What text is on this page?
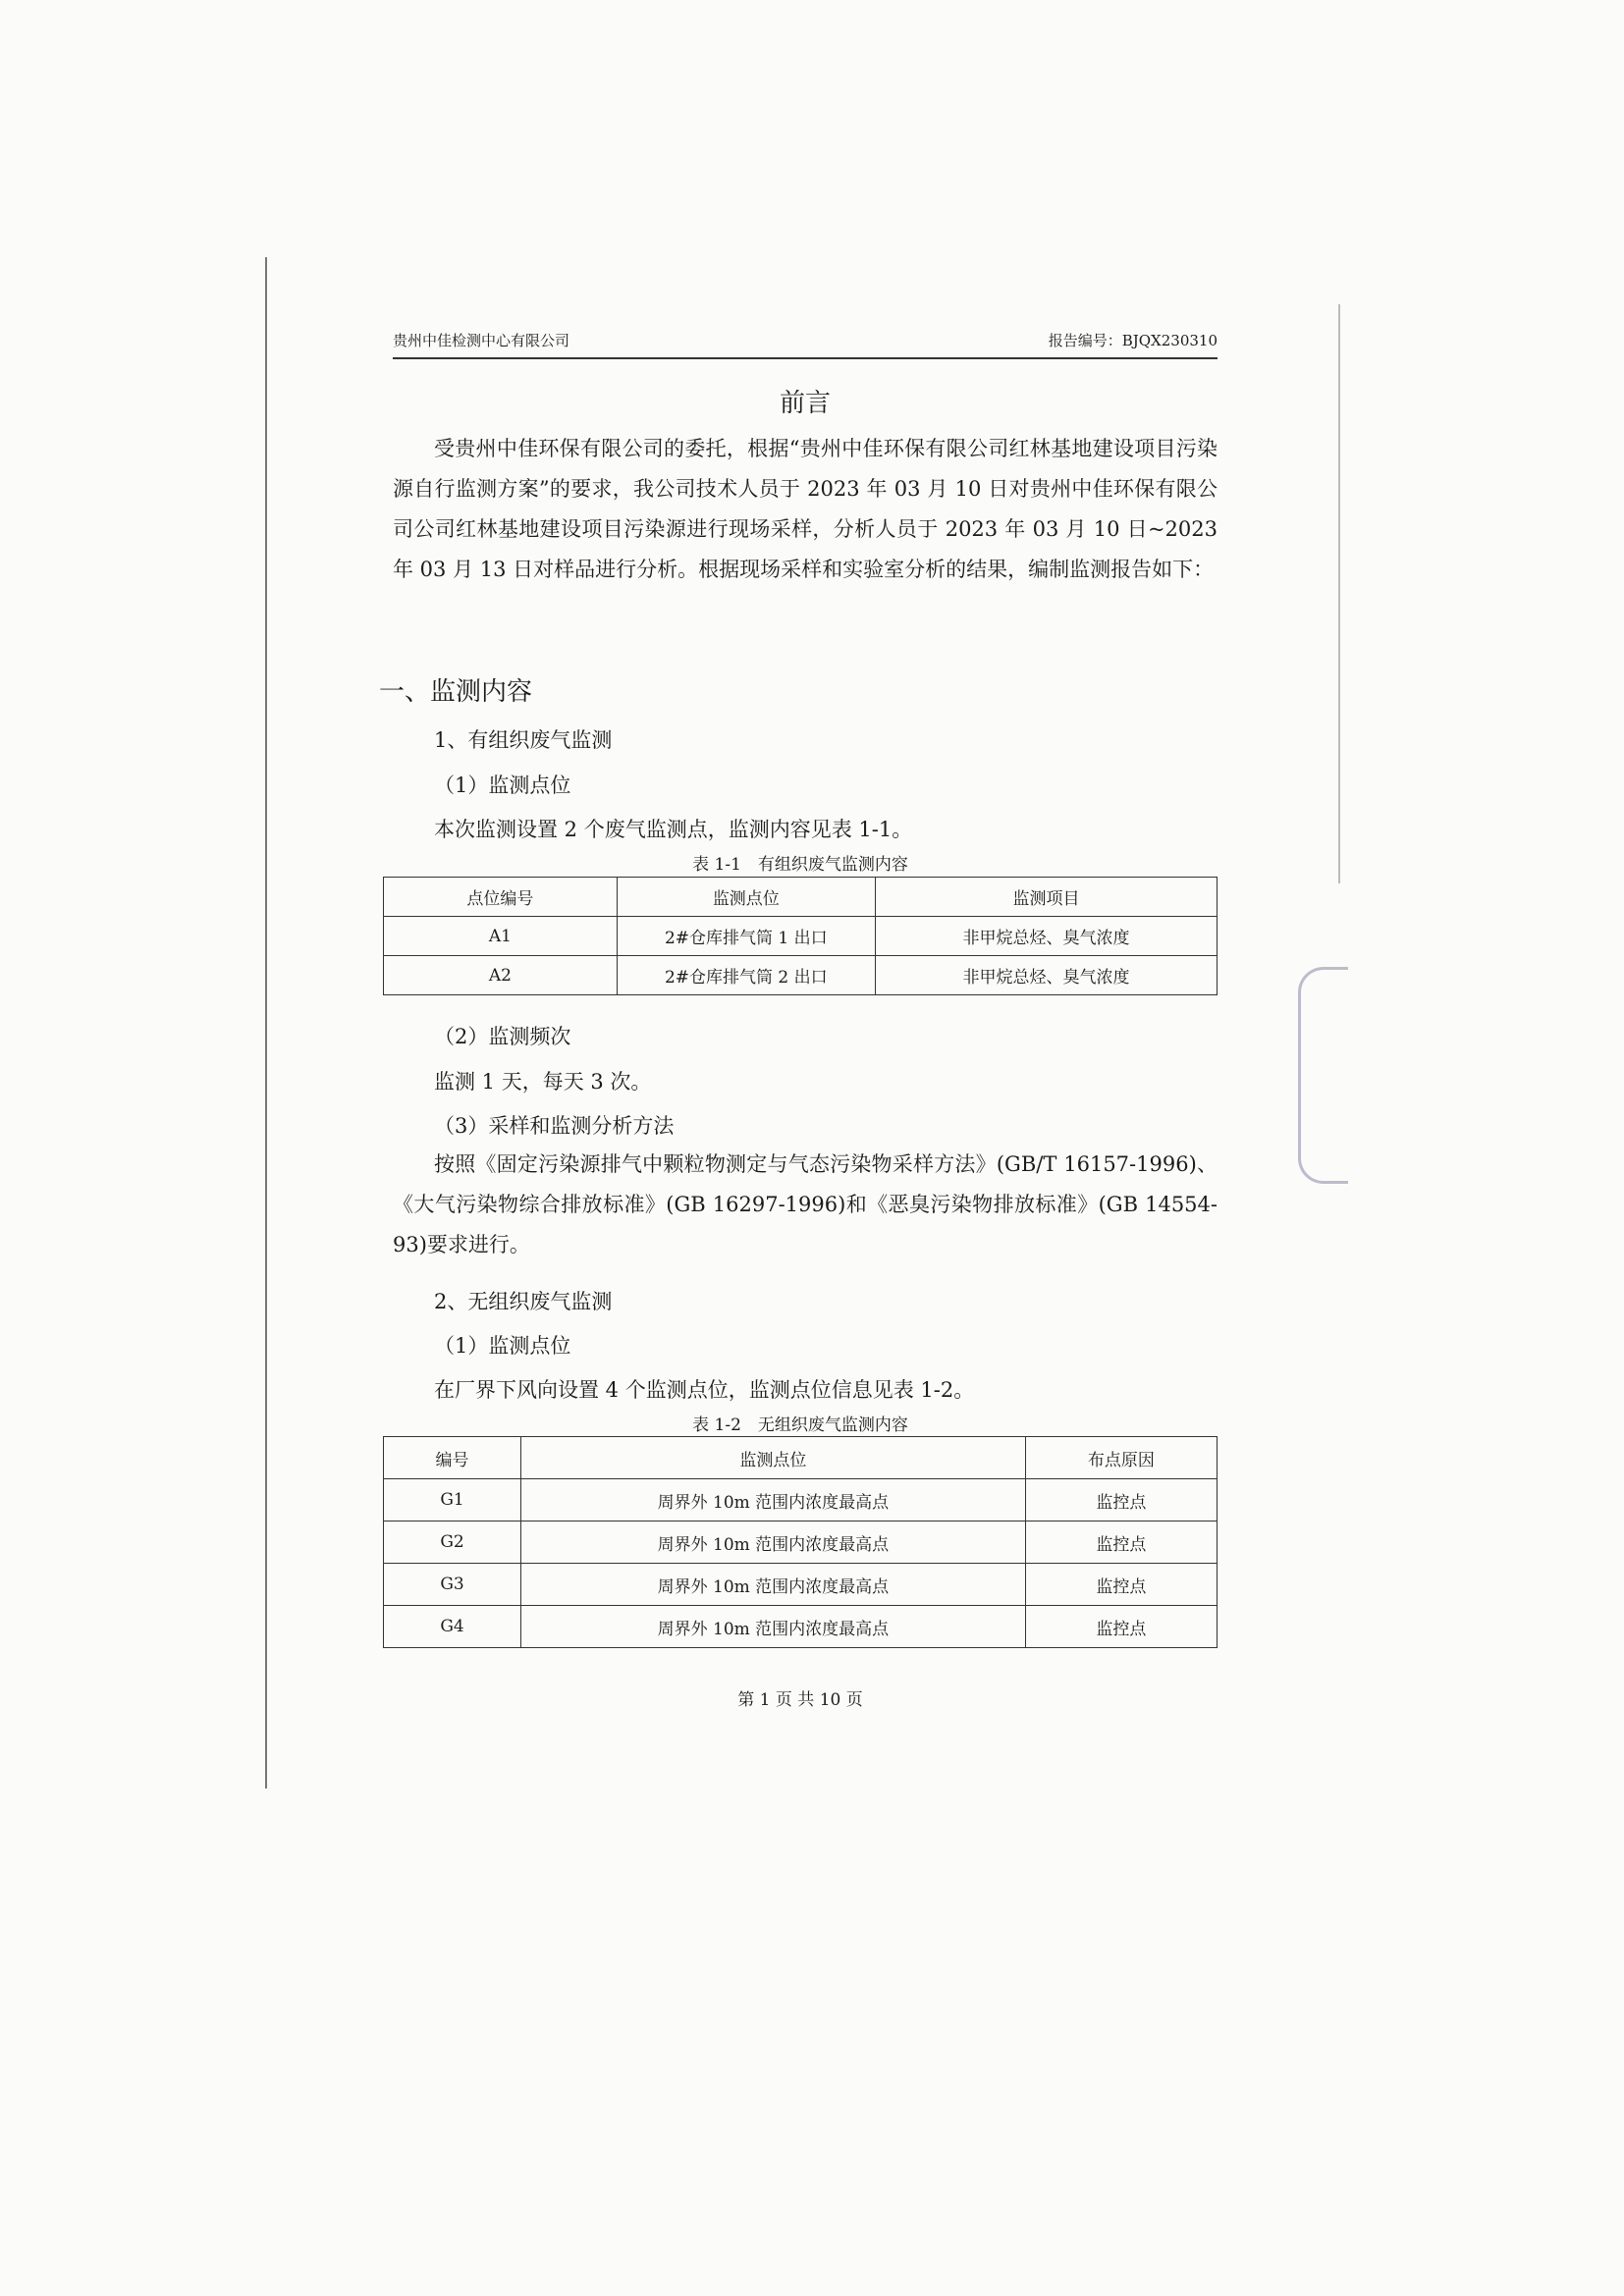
贵州中佳检测中心有限公司	报告编号：BJQX230310
前言

受贵州中佳环保有限公司的委托，根据“贵州中佳环保有限公司红林基地建设项目污染源自行监测方案”的要求，我公司技术人员于 2023 年 03 月 10 日对贵州中佳环保有限公司公司红林基地建设项目污染源进行现场采样，分析人员于 2023 年 03 月 10 日~2023 年 03 月 13 日对样品进行分析。根据现场采样和实验室分析的结果，编制监测报告如下：

一、监测内容
1、有组织废气监测
（1）监测点位
本次监测设置 2 个废气监测点，监测内容见表 1-1。
表 1-1　有组织废气监测内容
点位编号	监测点位	监测项目
A1	2#仓库排气筒 1 出口	非甲烷总烃、臭气浓度
A2	2#仓库排气筒 2 出口	非甲烷总烃、臭气浓度
（2）监测频次
监测 1 天，每天 3 次。
（3）采样和监测分析方法

按照《固定污染源排气中颗粒物测定与气态污染物采样方法》(GB/T 16157-1996)、《大气污染物综合排放标准》(GB 16297-1996)和《恶臭污染物排放标准》(GB 14554-93)要求进行。

2、无组织废气监测
（1）监测点位
在厂界下风向设置 4 个监测点位，监测点位信息见表 1-2。
表 1-2　无组织废气监测内容
编号	监测点位	布点原因
G1	周界外 10m 范围内浓度最高点	监控点
G2	周界外 10m 范围内浓度最高点	监控点
G3	周界外 10m 范围内浓度最高点	监控点
G4	周界外 10m 范围内浓度最高点	监控点
第 1 页 共 10 页
